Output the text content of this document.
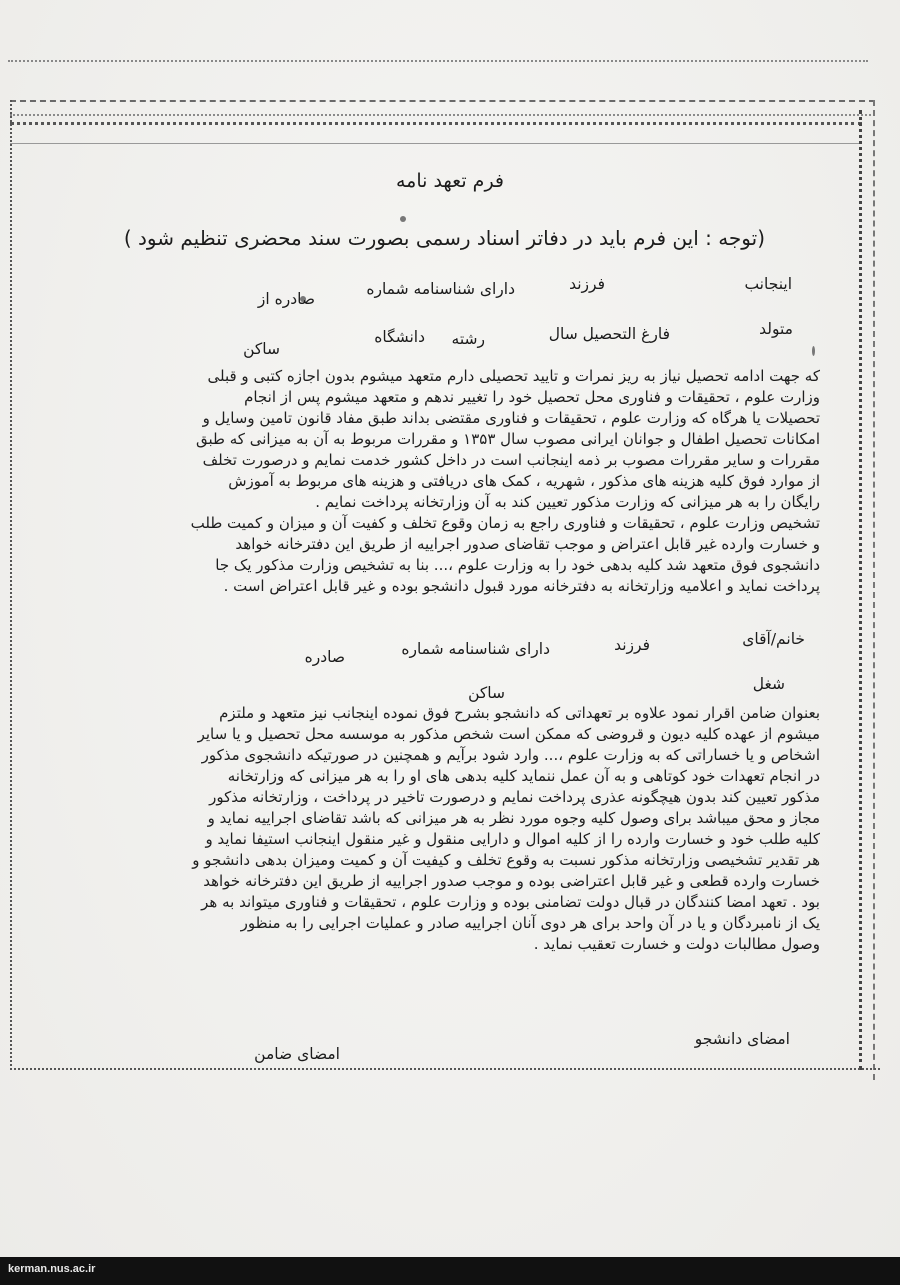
فرم تعهد نامه
(توجه : این فرم باید در دفاتر اسناد رسمی بصورت سند محضری تنظیم شود )
اینجانب
فرزند
دارای شناسنامه شماره
صادره از
متولد
فارغ التحصیل سال
رشته
دانشگاه
ساکن
که جهت ادامه تحصیل نیاز به ریز نمرات و تایید تحصیلی دارم متعهد میشوم بدون اجازه کتبی و قبلی
وزارت علوم ، تحقیقات و فناوری محل تحصیل خود را تغییر ندهم و متعهد میشوم پس از انجام
تحصیلات یا هرگاه که وزارت علوم ، تحقیقات و فناوری مقتضی بداند طبق مفاد قانون تامین وسایل و
امکانات تحصیل اطفال و جوانان ایرانی مصوب سال ۱۳۵۳ و مقررات مربوط به آن به میزانی که طبق
مقررات و سایر مقررات مصوب بر ذمه اینجانب است در داخل کشور خدمت نمایم و درصورت تخلف
از موارد فوق کلیه هزینه های مذکور ، شهریه ، کمک های دریافتی و هزینه های مربوط به آموزش
رایگان را به هر میزانی که وزارت مذکور تعیین کند به آن وزارتخانه پرداخت نمایم .
تشخیص وزارت علوم ، تحقیقات و فناوری راجع به زمان وقوع تخلف و کفیت آن و میزان و کمیت طلب
و خسارت وارده غیر قابل اعتراض و موجب تقاضای صدور اجراییه از طریق این دفترخانه خواهد
دانشجوی فوق متعهد شد کلیه بدهی خود را به وزارت علوم ،... بنا به تشخیص وزارت مذکور یک جا
پرداخت نماید و اعلامیه وزارتخانه به دفترخانه مورد قبول دانشجو بوده و غیر قابل اعتراض است .
خانم/آقای
فرزند
دارای شناسنامه شماره
صادره
شغل
ساکن
بعنوان ضامن اقرار نمود علاوه بر تعهداتی که دانشجو بشرح فوق نموده اینجانب نیز متعهد و ملتزم
میشوم از عهده کلیه دیون و قروضی که ممکن است شخص مذکور به موسسه محل تحصیل و یا سایر
اشخاص و یا خساراتی که به وزارت علوم ،... وارد شود برآیم و همچنین در صورتیکه دانشجوی مذکور
در انجام تعهدات خود کوتاهی و به آن عمل ننماید کلیه بدهی های او را به هر میزانی که وزارتخانه
مذکور تعیین کند بدون هیچگونه عذری پرداخت نمایم و درصورت تاخیر در پرداخت ، وزارتخانه مذکور
مجاز و محق میباشد برای وصول کلیه وجوه مورد نظر به هر میزانی که باشد تقاضای اجراییه نماید و
کلیه طلب خود و خسارت وارده را از کلیه اموال و دارایی منقول و غیر منقول اینجانب استیفا نماید و
هر تقدیر تشخیصی وزارتخانه مذکور نسبت به وقوع تخلف و کیفیت آن و کمیت ومیزان بدهی دانشجو و
خسارت وارده قطعی و غیر قابل اعتراضی بوده و موجب صدور اجراییه از طریق این دفترخانه خواهد
بود . تعهد امضا کنندگان در قبال دولت تضامنی بوده و وزارت علوم ، تحقیقات و فناوری میتواند به هر
یک از نامبردگان و یا در آن واحد برای هر دوی آنان اجراییه صادر و عملیات اجرایی را به منظور
وصول مطالبات دولت و خسارت تعقیب نماید .
امضای دانشجو
امضای ضامن
kerman.nus.ac.ir
